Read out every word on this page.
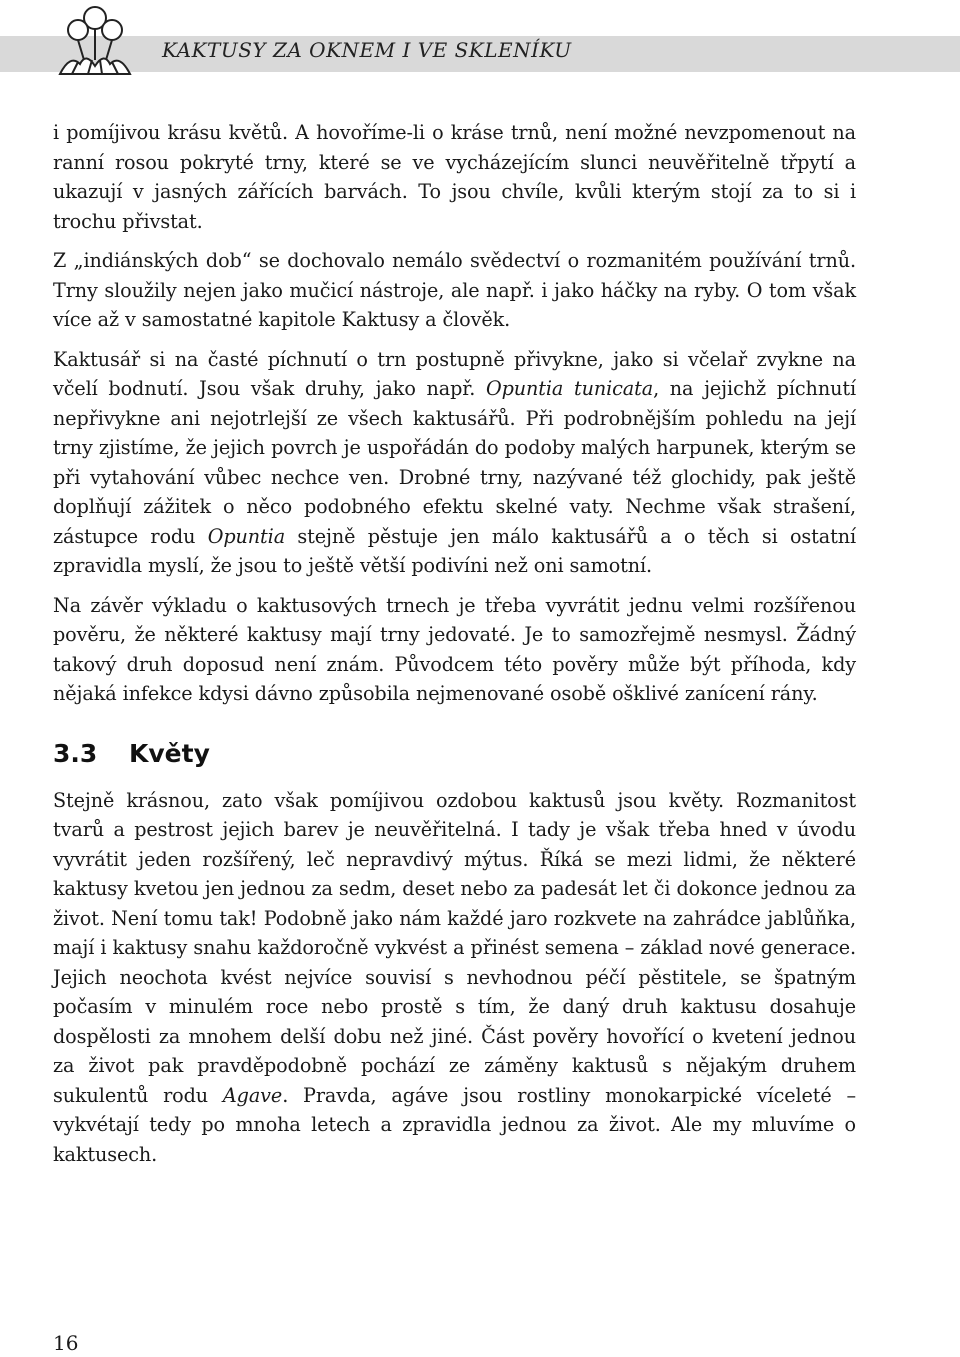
KAKTUSY ZA OKNEM I VE SKLENÍKU

i pomíjivou krásu květů. A hovoříme-li o kráse trnů, není možné nevzpomenout na ranní rosou pokryté trny, které se ve vycházejícím slunci neuvěřitelně třpytí a ukazují v jasných zářících barvách. To jsou chvíle, kvůli kterým stojí za to si i trochu přivstat.

Z „indiánských dob“ se dochovalo nemálo svědectví o rozmanitém používání trnů. Trny sloužily nejen jako mučicí nástroje, ale např. i jako háčky na ryby. O tom však více až v samostatné kapitole Kaktusy a člověk.

Kaktusář si na časté píchnutí o trn postupně přivykne, jako si včelař zvykne na včelí bodnutí. Jsou však druhy, jako např. Opuntia tunicata, na jejichž píchnutí nepřivykne ani nejotrlejší ze všech kaktusářů. Při podrobnějším pohledu na její trny zjistíme, že jejich povrch je uspořádán do podoby malých harpunek, kterým se při vytahování vůbec nechce ven. Drobné trny, nazývané též glochidy, pak ještě doplňují zážitek o něco podobného efektu skelné vaty. Nechme však strašení, zástupce rodu Opuntia stejně pěstuje jen málo kaktusářů a o těch si ostatní zpravidla myslí, že jsou to ještě větší podivíni než oni samotní.

Na závěr výkladu o kaktusových trnech je třeba vyvrátit jednu velmi rozšířenou pověru, že některé kaktusy mají trny jedovaté. Je to samozřejmě nesmysl. Žádný takový druh doposud není znám. Původcem této pověry může být příhoda, kdy nějaká infekce kdysi dávno způsobila nejmenované osobě ošklivé zanícení rány.

3.3 Květy

Stejně krásnou, zato však pomíjivou ozdobou kaktusů jsou květy. Rozmanitost tvarů a pestrost jejich barev je neuvěřitelná. I tady je však třeba hned v úvodu vyvrátit jeden rozšířený, leč nepravdivý mýtus. Říká se mezi lidmi, že některé kaktusy kvetou jen jednou za sedm, deset nebo za padesát let či dokonce jednou za život. Není tomu tak! Podobně jako nám každé jaro rozkvete na zahrádce jablůňka, mají i kaktusy snahu každoročně vykvést a přinést semena – základ nové generace. Jejich neochota kvést nejvíce souvisí s nevhodnou péčí pěstitele, se špatným počasím v minulém roce nebo prostě s tím, že daný druh kaktusu dosahuje dospělosti za mnohem delší dobu než jiné. Část pověry hovořící o kvetení jednou za život pak pravděpodobně pochází ze záměny kaktusů s nějakým druhem sukulentů rodu Agave. Pravda, agáve jsou rostliny monokarpické víceleté – vykvétají tedy po mnoha letech a zpravidla jednou za život. Ale my mluvíme o kaktusech.

16
